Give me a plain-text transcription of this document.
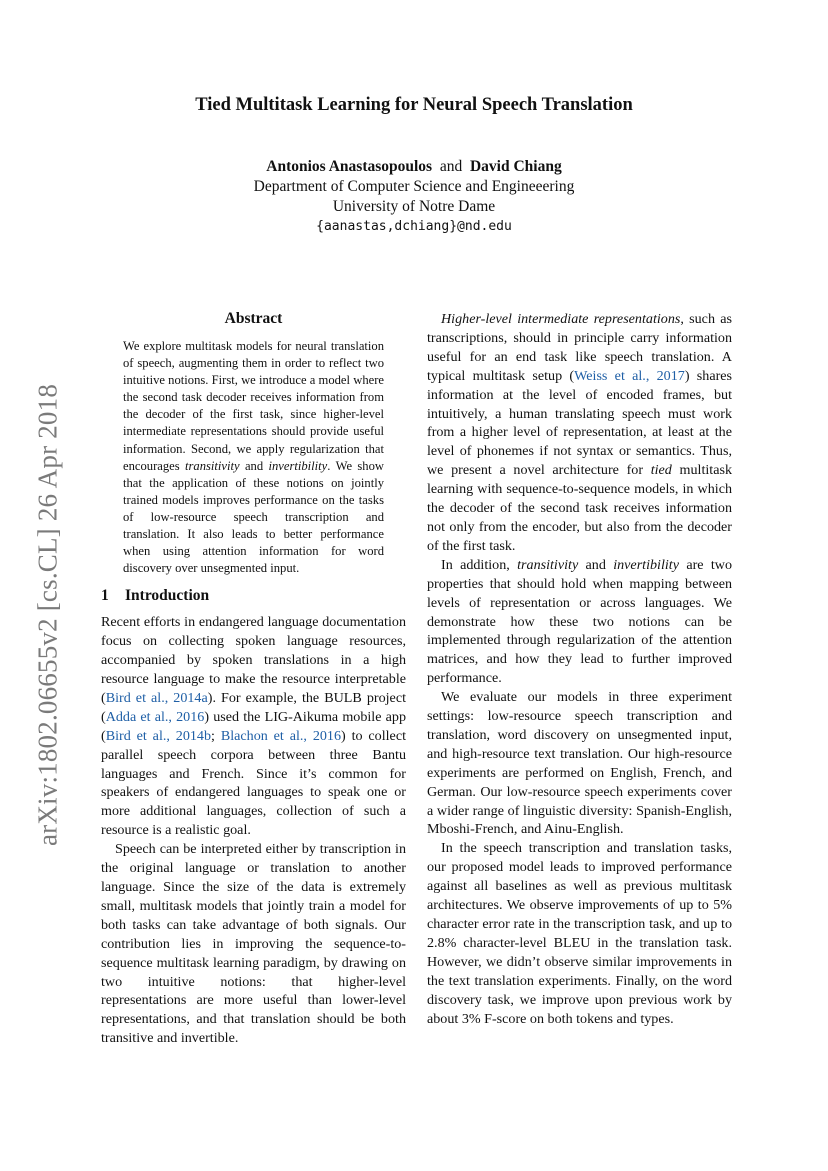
Tied Multitask Learning for Neural Speech Translation
Antonios Anastasopoulos and David Chiang
Department of Computer Science and Engineeering
University of Notre Dame
{aanastas,dchiang}@nd.edu
arXiv:1802.06655v2 [cs.CL] 26 Apr 2018
Abstract
We explore multitask models for neural translation of speech, augmenting them in order to reflect two intuitive notions. First, we introduce a model where the second task decoder receives information from the decoder of the first task, since higher-level intermediate representations should provide useful information. Second, we apply regularization that encourages transitivity and invertibility. We show that the application of these notions on jointly trained models improves performance on the tasks of low-resource speech transcription and translation. It also leads to better performance when using attention information for word discovery over unsegmented input.
1 Introduction

Recent efforts in endangered language documentation focus on collecting spoken language resources, accompanied by spoken translations in a high resource language to make the resource interpretable (Bird et al., 2014a). For example, the BULB project (Adda et al., 2016) used the LIG-Aikuma mobile app (Bird et al., 2014b; Blachon et al., 2016) to collect parallel speech corpora between three Bantu languages and French. Since it’s common for speakers of endangered languages to speak one or more additional languages, collection of such a resource is a realistic goal.

Speech can be interpreted either by transcription in the original language or translation to another language. Since the size of the data is extremely small, multitask models that jointly train a model for both tasks can take advantage of both signals. Our contribution lies in improving the sequence-to-sequence multitask learning paradigm, by drawing on two intuitive notions: that higher-level representations are more useful than lower-level representations, and that translation should be both transitive and invertible.

Higher-level intermediate representations, such as transcriptions, should in principle carry information useful for an end task like speech translation. A typical multitask setup (Weiss et al., 2017) shares information at the level of encoded frames, but intuitively, a human translating speech must work from a higher level of representation, at least at the level of phonemes if not syntax or semantics. Thus, we present a novel architecture for tied multitask learning with sequence-to-sequence models, in which the decoder of the second task receives information not only from the encoder, but also from the decoder of the first task.

In addition, transitivity and invertibility are two properties that should hold when mapping between levels of representation or across languages. We demonstrate how these two notions can be implemented through regularization of the attention matrices, and how they lead to further improved performance.

We evaluate our models in three experiment settings: low-resource speech transcription and translation, word discovery on unsegmented input, and high-resource text translation. Our high-resource experiments are performed on English, French, and German. Our low-resource speech experiments cover a wider range of linguistic diversity: Spanish-English, Mboshi-French, and Ainu-English.

In the speech transcription and translation tasks, our proposed model leads to improved performance against all baselines as well as previous multitask architectures. We observe improvements of up to 5% character error rate in the transcription task, and up to 2.8% character-level BLEU in the translation task. However, we didn’t observe similar improvements in the text translation experiments. Finally, on the word discovery task, we improve upon previous work by about 3% F-score on both tokens and types.
